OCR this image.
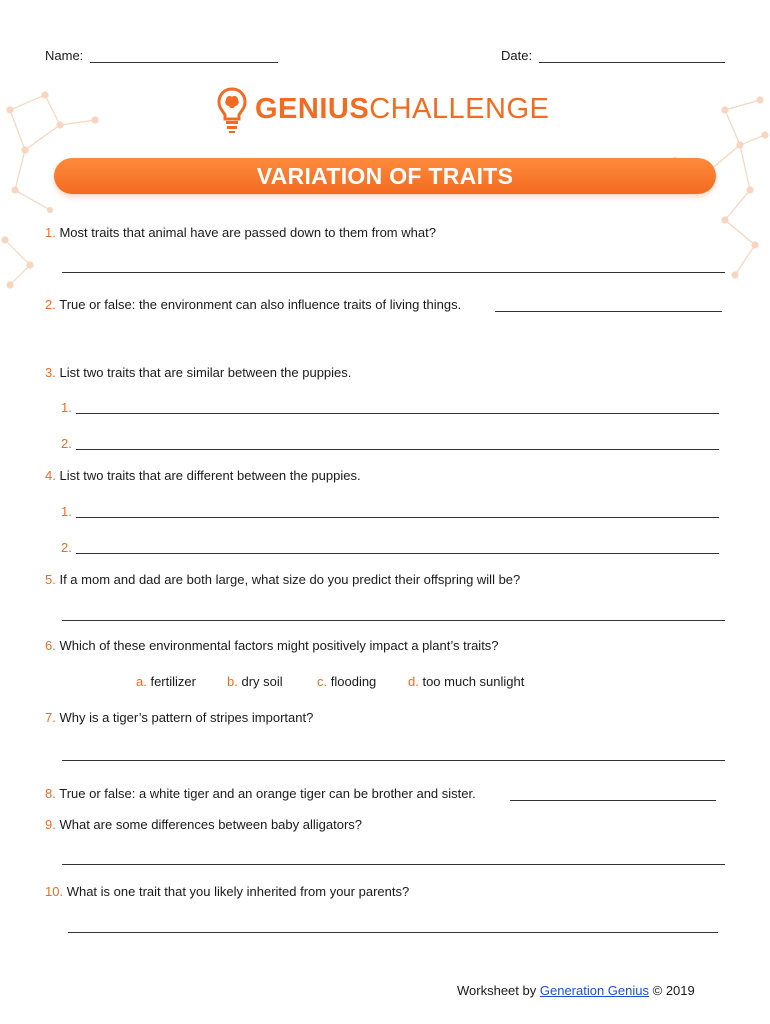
Name:	Date:
GENIUSCHALLENGE
VARIATION OF TRAITS
1. Most traits that animal have are passed down to them from what?
2. True or false: the environment can also influence traits of living things.
3. List two traits that are similar between the puppies.
1.
2.
4. List two traits that are different between the puppies.
1.
2.
5. If a mom and dad are both large, what size do you predict their offspring will be?
6. Which of these environmental factors might positively impact a plant’s traits?
a. fertilizer b. dry soil	c. flooding d. too much sunlight
7. Why is a tiger’s pattern of stripes important?
8. True or false: a white tiger and an orange tiger can be brother and sister.
9. What are some differences between baby alligators?
10. What is one trait that you likely inherited from your parents?
Worksheet by Generation Genius © 2019
